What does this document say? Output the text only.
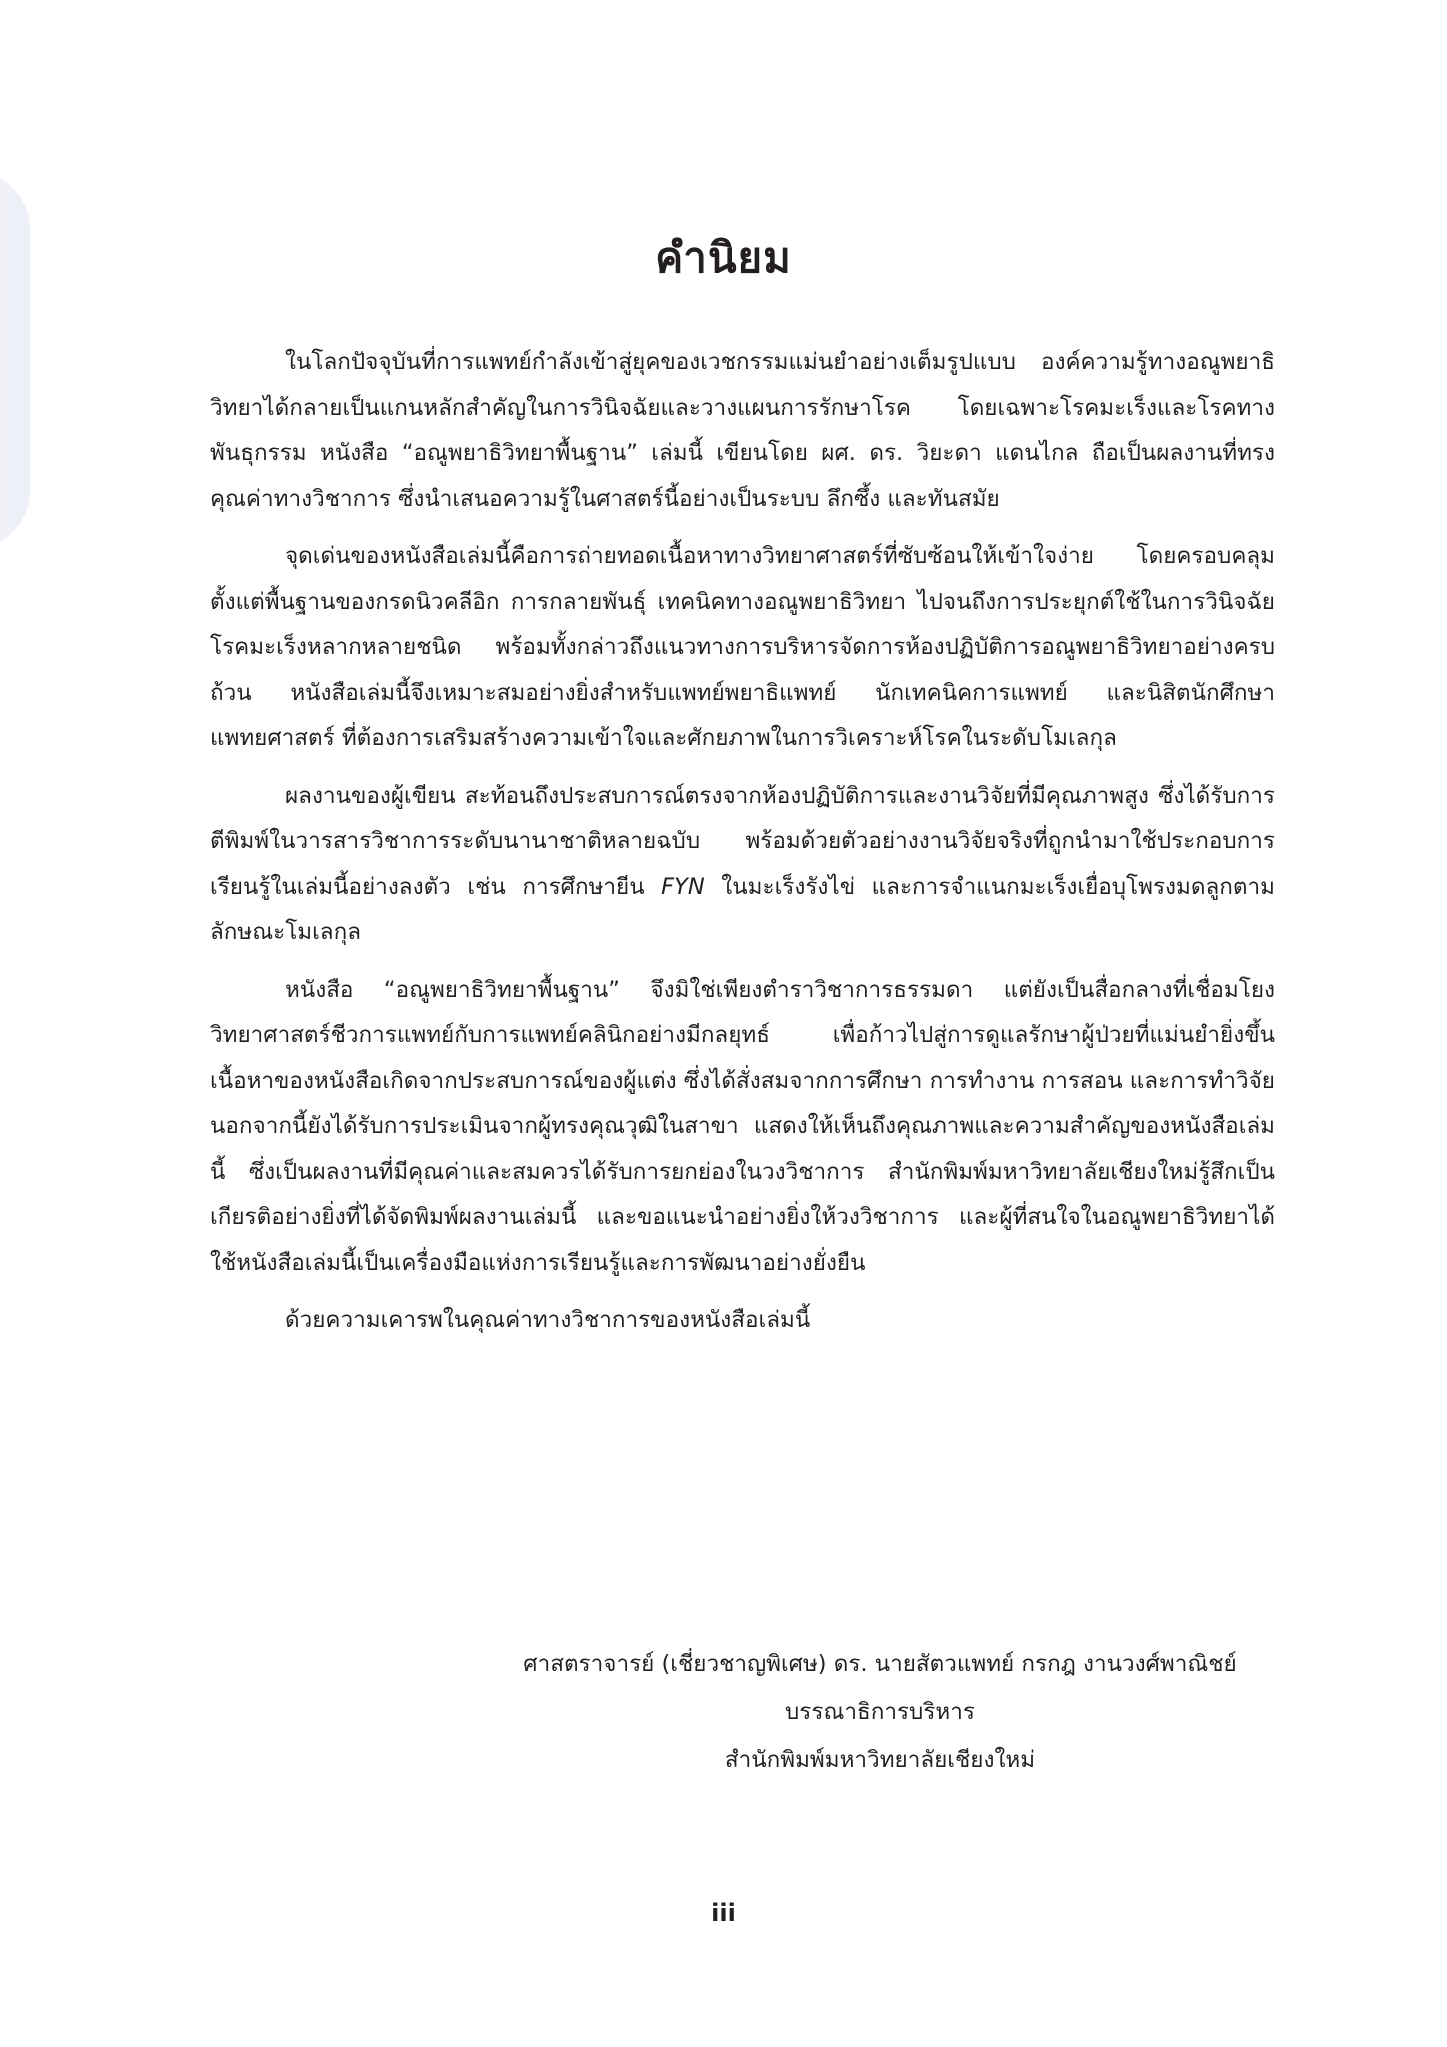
คำนิยม

ในโลกปัจจุบันที่การแพทย์กำลังเข้าสู่ยุคของเวชกรรมแม่นยำอย่างเต็มรูปแบบ องค์ความรู้ทางอณูพยาธิวิทยาได้กลายเป็นแกนหลักสำคัญในการวินิจฉัยและวางแผนการรักษาโรค โดยเฉพาะโรคมะเร็งและโรคทางพันธุกรรม หนังสือ “อณูพยาธิวิทยาพื้นฐาน” เล่มนี้ เขียนโดย ผศ. ดร. วิยะดา แดนไกล ถือเป็นผลงานที่ทรงคุณค่าทางวิชาการ ซึ่งนำเสนอความรู้ในศาสตร์นี้อย่างเป็นระบบ ลึกซึ้ง และทันสมัย

จุดเด่นของหนังสือเล่มนี้คือการถ่ายทอดเนื้อหาทางวิทยาศาสตร์ที่ซับซ้อนให้เข้าใจง่าย โดยครอบคลุมตั้งแต่พื้นฐานของกรดนิวคลีอิก การกลายพันธุ์ เทคนิคทางอณูพยาธิวิทยา ไปจนถึงการประยุกต์ใช้ในการวินิจฉัยโรคมะเร็งหลากหลายชนิด พร้อมทั้งกล่าวถึงแนวทางการบริหารจัดการห้องปฏิบัติการอณูพยาธิวิทยาอย่างครบถ้วน หนังสือเล่มนี้จึงเหมาะสมอย่างยิ่งสำหรับแพทย์พยาธิแพทย์ นักเทคนิคการแพทย์ และนิสิตนักศึกษาแพทยศาสตร์ ที่ต้องการเสริมสร้างความเข้าใจและศักยภาพในการวิเคราะห์โรคในระดับโมเลกุล

ผลงานของผู้เขียน สะท้อนถึงประสบการณ์ตรงจากห้องปฏิบัติการและงานวิจัยที่มีคุณภาพสูง ซึ่งได้รับการตีพิมพ์ในวารสารวิชาการระดับนานาชาติหลายฉบับ พร้อมด้วยตัวอย่างงานวิจัยจริงที่ถูกนำมาใช้ประกอบการเรียนรู้ในเล่มนี้อย่างลงตัว เช่น การศึกษายีน FYN ในมะเร็งรังไข่ และการจำแนกมะเร็งเยื่อบุโพรงมดลูกตามลักษณะโมเลกุล

หนังสือ “อณูพยาธิวิทยาพื้นฐาน” จึงมิใช่เพียงตำราวิชาการธรรมดา แต่ยังเป็นสื่อกลางที่เชื่อมโยงวิทยาศาสตร์ชีวการแพทย์กับการแพทย์คลินิกอย่างมีกลยุทธ์ เพื่อก้าวไปสู่การดูแลรักษาผู้ป่วยที่แม่นยำยิ่งขึ้น เนื้อหาของหนังสือเกิดจากประสบการณ์ของผู้แต่ง ซึ่งได้สั่งสมจากการศึกษา การทำงาน การสอน และการทำวิจัย นอกจากนี้ยังได้รับการประเมินจากผู้ทรงคุณวุฒิในสาขา แสดงให้เห็นถึงคุณภาพและความสำคัญของหนังสือเล่มนี้ ซึ่งเป็นผลงานที่มีคุณค่าและสมควรได้รับการยกย่องในวงวิชาการ สำนักพิมพ์มหาวิทยาลัยเชียงใหม่รู้สึกเป็นเกียรติอย่างยิ่งที่ได้จัดพิมพ์ผลงานเล่มนี้ และขอแนะนำอย่างยิ่งให้วงวิชาการ และผู้ที่สนใจในอณูพยาธิวิทยาได้ใช้หนังสือเล่มนี้เป็นเครื่องมือแห่งการเรียนรู้และการพัฒนาอย่างยั่งยืน

ด้วยความเคารพในคุณค่าทางวิชาการของหนังสือเล่มนี้

ศาสตราจารย์ (เชี่ยวชาญพิเศษ) ดร. นายสัตวแพทย์ กรกฎ งานวงศ์พาณิชย์
บรรณาธิการบริหาร
สำนักพิมพ์มหาวิทยาลัยเชียงใหม่
iii
